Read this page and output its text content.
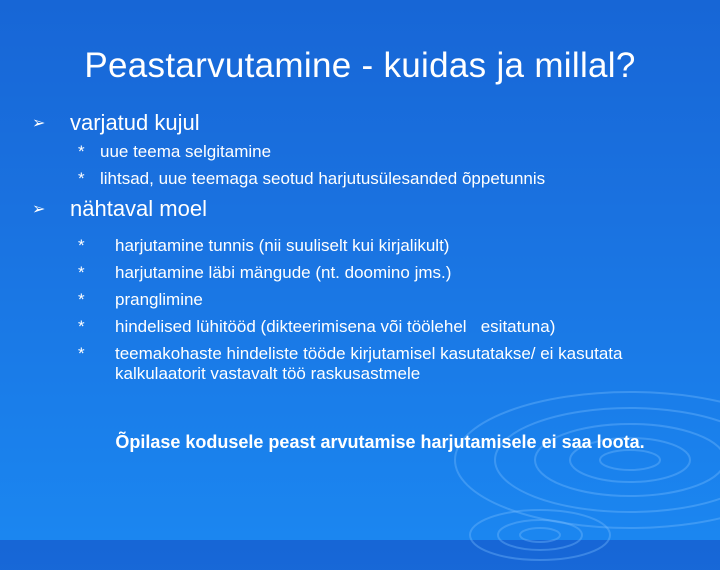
Peastarvutamine - kuidas ja millal?
➢ varjatud kujul
* uue teema selgitamine
* lihtsad, uue teemaga seotud harjutusülesanded õppetunnis
➢ nähtaval moel
* harjutamine tunnis (nii suuliselt kui kirjalikult)
* harjutamine läbi mängude (nt. doomino jms.)
* pranglimine
* hindelised lühitööd (dikteerimisena või töölehel   esitatuna)
* teemakohaste hindeliste tööde kirjutamisel kasutatakse/ ei kasutata kalkulaatorit vastavalt töö raskusastmele
Õpilase kodusele peast arvutamise harjutamisele ei saa loota.
